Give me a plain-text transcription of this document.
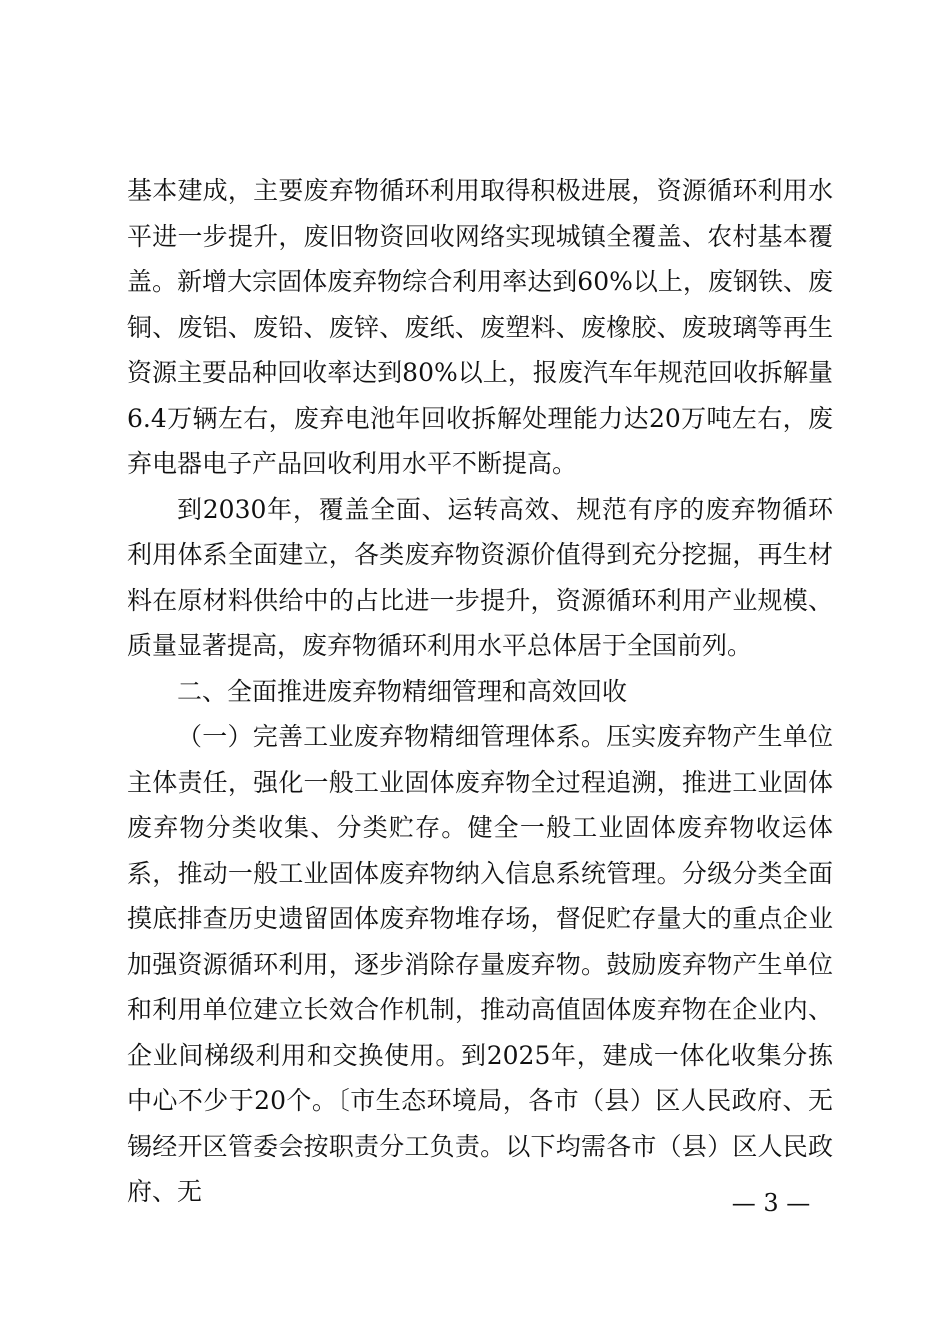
基本建成，主要废弃物循环利用取得积极进展，资源循环利用水平进一步提升，废旧物资回收网络实现城镇全覆盖、农村基本覆盖。新增大宗固体废弃物综合利用率达到60%以上，废钢铁、废铜、废铝、废铅、废锌、废纸、废塑料、废橡胶、废玻璃等再生资源主要品种回收率达到80%以上，报废汽车年规范回收拆解量6.4万辆左右，废弃电池年回收拆解处理能力达20万吨左右，废弃电器电子产品回收利用水平不断提高。

到2030年，覆盖全面、运转高效、规范有序的废弃物循环利用体系全面建立，各类废弃物资源价值得到充分挖掘，再生材料在原材料供给中的占比进一步提升，资源循环利用产业规模、质量显著提高，废弃物循环利用水平总体居于全国前列。

二、全面推进废弃物精细管理和高效回收

（一）完善工业废弃物精细管理体系。压实废弃物产生单位主体责任，强化一般工业固体废弃物全过程追溯，推进工业固体废弃物分类收集、分类贮存。健全一般工业固体废弃物收运体系，推动一般工业固体废弃物纳入信息系统管理。分级分类全面摸底排查历史遗留固体废弃物堆存场，督促贮存量大的重点企业加强资源循环利用，逐步消除存量废弃物。鼓励废弃物产生单位和利用单位建立长效合作机制，推动高值固体废弃物在企业内、企业间梯级利用和交换使用。到2025年，建成一体化收集分拣中心不少于20个。〔市生态环境局，各市（县）区人民政府、无锡经开区管委会按职责分工负责。以下均需各市（县）区人民政府、无	— 3 —
